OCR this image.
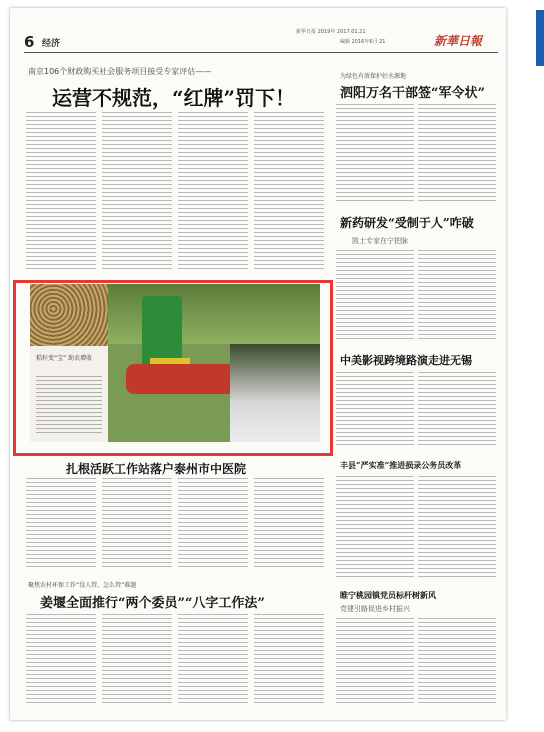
6 经济
新华日报 2019年 2017.01.21
编辑 2016年6月 21	新華日報
南京106个财政购买社会服务项目接受专家评估——
运营不规范，“红牌”罚下！
为绿色有效保护好水源地
泗阳万名干部签“军令状”
新药研发“受制于人”咋破
凯士专家在宁把脉
中美影视跨境路演走进无锡
秸秆变“宝” 助农增收
扎根活跃工作站落户泰州市中医院	丰县“严实准”推进损录公务员改革
聚焦农村环保工作“没人管、怎么管”难题
姜堰全面推行“两个委员”“八字工作法”
睢宁桃园镇党员标杆树新风
党建引路促进乡村振兴
